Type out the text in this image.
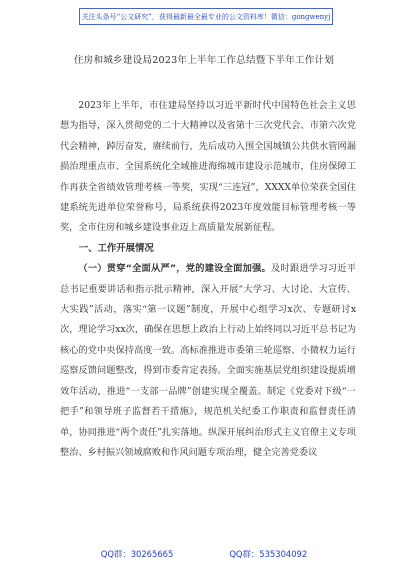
关注头条号“公文研究”，获得最新最全最专业的公文资料库！微信：gongwenyj
住房和城乡建设局2023年上半年工作总结暨下半年工作计划

2023年上半年，市住建局坚持以习近平新时代中国特色社会主义思想为指导，深入贯彻党的二十大精神以及省第十三次党代会、市第六次党代会精神，踔厉奋发，赓续前行，先后成功入围全国城镇公共供水管网漏损治理重点市、全国系统化全域推进海绵城市建设示范城市，住房保障工作再获全省绩效管理考核一等奖，实现“三连冠”，XXXX单位荣获全国住建系统先进单位荣誉称号，局系统获得2023年度效能目标管理考核一等奖，全市住房和城乡建设事业迈上高质量发展新征程。

一、工作开展情况

（一）贯穿“全面从严”，党的建设全面加强。及时跟进学习习近平总书记重要讲话和指示批示精神，深入开展“大学习、大讨论、大宣传、大实践”活动，落实“第一议题”制度，开展中心组学习x次、专题研讨x次，理论学习xx次，确保在思想上政治上行动上始终同以习近平总书记为核心的党中央保持高度一致。高标准推进市委第三轮巡察、小微权力运行巡察反馈问题整改，得到市委肯定表扬。全面实施基层党组织建设提质增效年活动，推进“一支部一品牌”创建实现全覆盖。制定《党委对下级“一把手”和领导班子监督若干措施》，规范机关纪委工作职责和监督责任清单，协同推进“两个责任”扎实落地。纵深开展纠治形式主义官僚主义专项整治、乡村振兴领域腐败和作风问题专项治理，健全完善党委议

QQ群：30265665	QQ群：535304092
